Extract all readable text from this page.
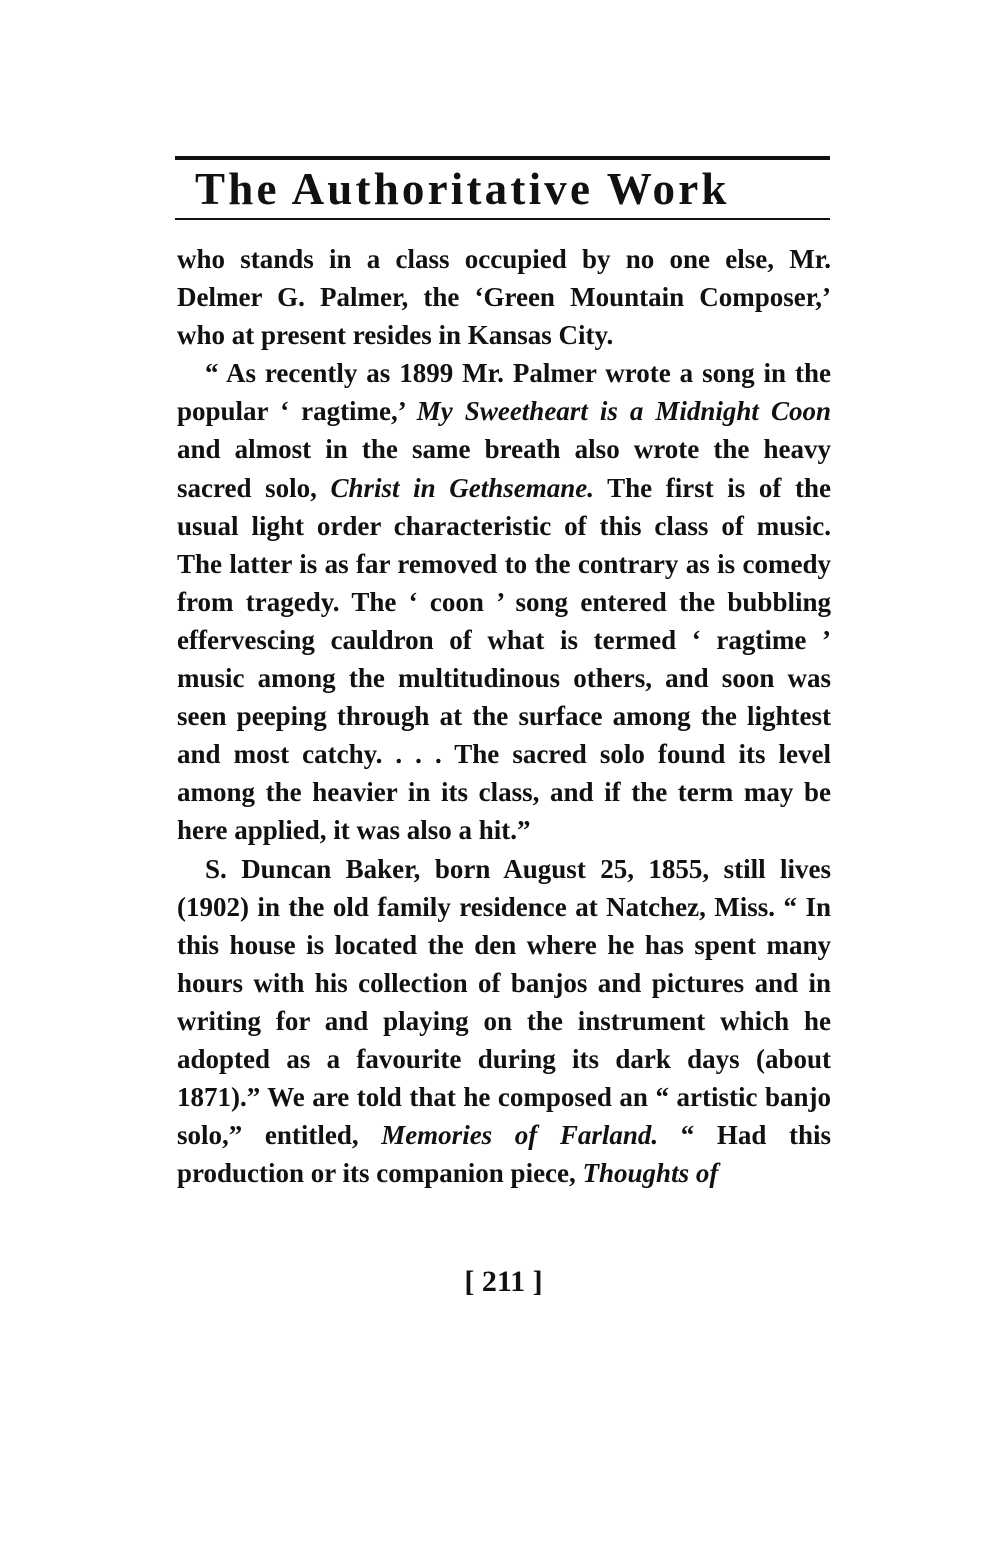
The Authoritative Work

who stands in a class occupied by no one else, Mr. Delmer G. Palmer, the ‘Green Mountain Composer,’ who at present resides in Kansas City.

“ As recently as 1899 Mr. Palmer wrote a song in the popular ‘ ragtime,’ My Sweetheart is a Midnight Coon and almost in the same breath also wrote the heavy sacred solo, Christ in Gethsemane. The first is of the usual light order characteristic of this class of music. The latter is as far removed to the contrary as is comedy from tragedy. The ‘ coon ’ song entered the bubbling effervescing cauldron of what is termed ‘ ragtime ’ music among the multitudinous others, and soon was seen peeping through at the surface among the lightest and most catchy. . . . The sacred solo found its level among the heavier in its class, and if the term may be here applied, it was also a hit.”

S. Duncan Baker, born August 25, 1855, still lives (1902) in the old family residence at Natchez, Miss. “ In this house is located the den where he has spent many hours with his collection of banjos and pictures and in writing for and playing on the instrument which he adopted as a favourite during its dark days (about 1871).” We are told that he composed an “ artistic banjo solo,” entitled, Memories of Farland. “ Had this production or its companion piece, Thoughts of

[ 211 ]
